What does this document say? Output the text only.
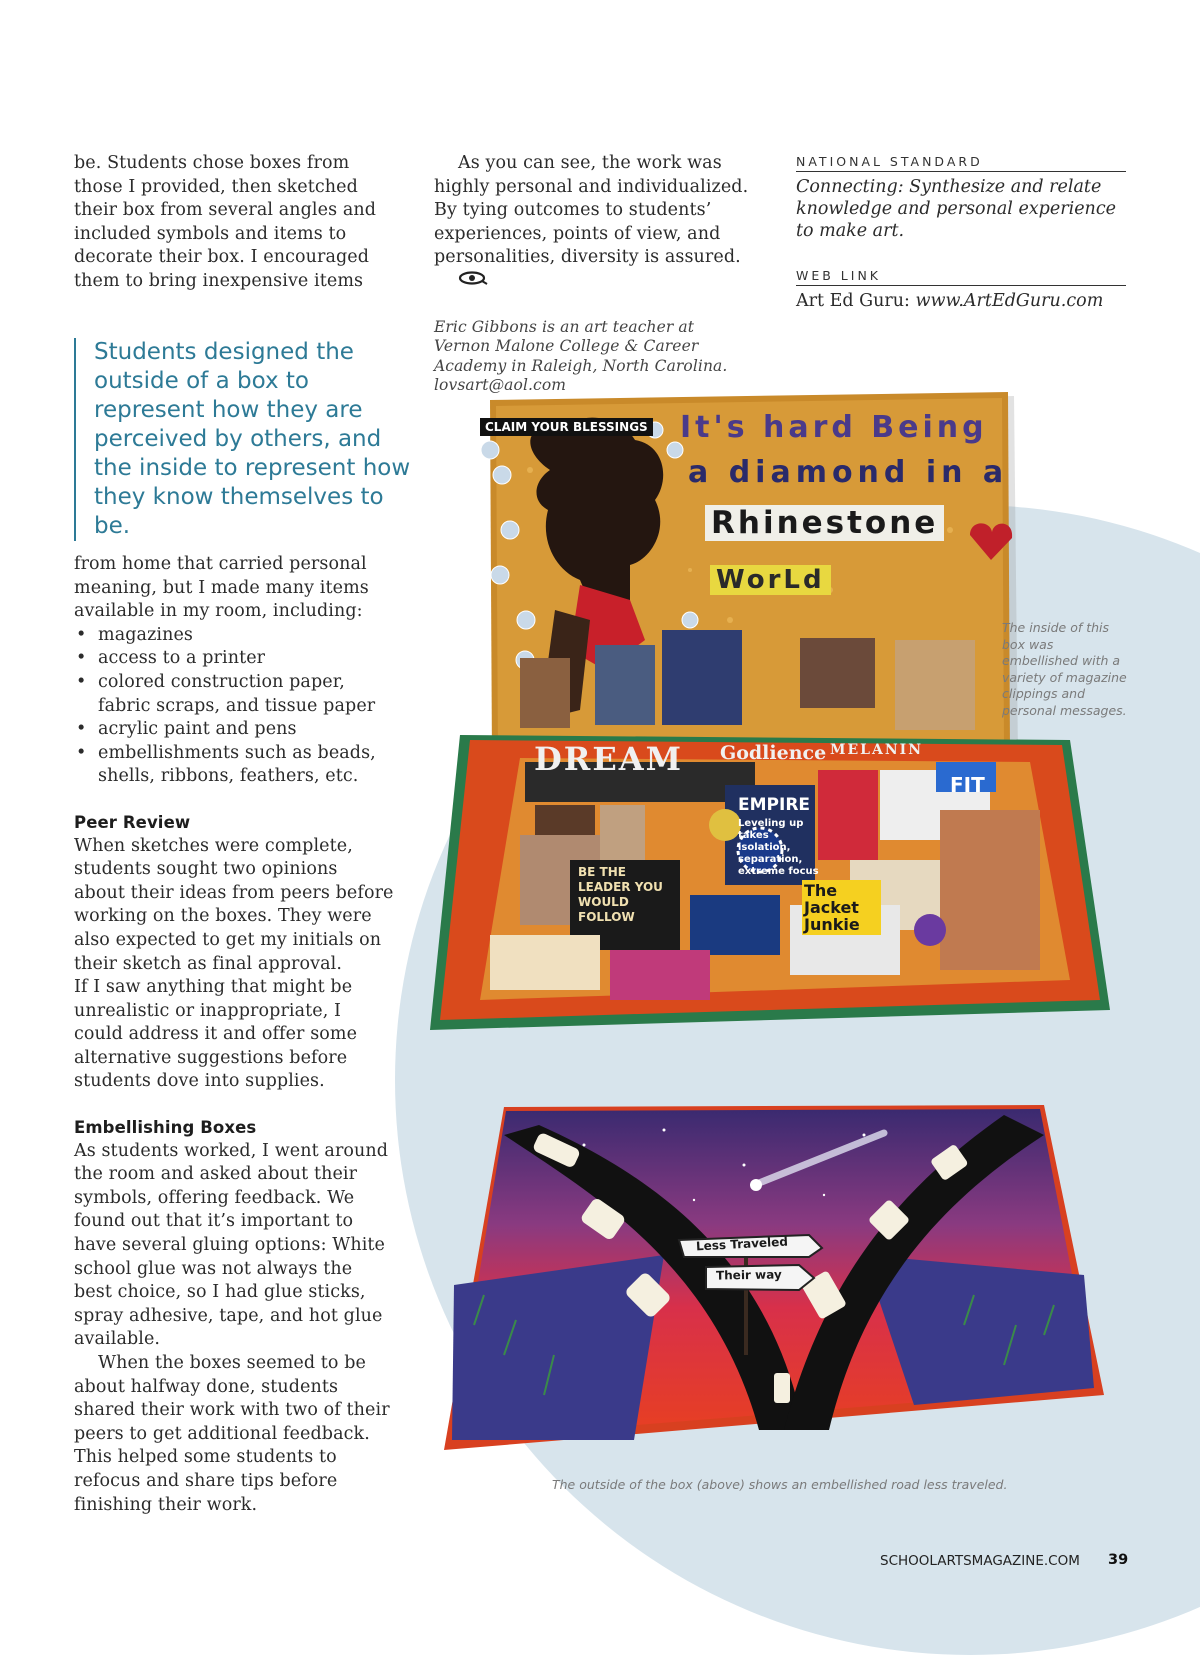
be. Students chose boxes from those I provided, then sketched their box from several angles and included symbols and items to decorate their box. I encouraged them to bring inexpensive items

Students designed the outside of a box to represent how they are perceived by others, and the inside to represent how they know themselves to be.

from home that carried personal meaning, but I made many items available in my room, including:

• magazines
• access to a printer
• colored construction paper, fabric scraps, and tissue paper
• acrylic paint and pens
• embellishments such as beads, shells, ribbons, feathers, etc.
Peer Review

When sketches were complete, students sought two opinions about their ideas from peers before working on the boxes. They were also expected to get my initials on their sketch as final approval.

If I saw anything that might be unrealistic or inappropriate, I could address it and offer some alternative suggestions before students dove into supplies.

Embellishing Boxes

As students worked, I went around the room and asked about their symbols, offering feedback. We found out that it’s important to have several gluing options: White school glue was not always the best choice, so I had glue sticks, spray adhesive, tape, and hot glue available.

When the boxes seemed to be about halfway done, students shared their work with two of their peers to get additional feedback. This helped some students to refocus and share tips before finishing their work.

As you can see, the work was highly personal and individualized. By tying outcomes to students’ experiences, points of view, and personalities, diversity is assured.

Eric Gibbons is an art teacher at Vernon Malone College & Career Academy in Raleigh, North Carolina. lovsart@aol.com

NATIONAL STANDARD

Connecting: Synthesize and relate knowledge and personal experience to make art.

WEB LINK

Art Ed Guru: www.ArtEdGuru.com

CLAIM YOUR BLESSINGS It's hard Being
a diamond in a
Rhinestone
WorLd
DREAM Godlience MELANIN
FIT
EMPIRE
Leveling up takes isolation, separation, extreme focus
BE THE LEADER YOU WOULD FOLLOW
The Jacket Junkie
The inside of this box was embellished with a variety of magazine clippings and personal messages.
Less Traveled
Their way
The outside of the box (above) shows an embellished road less traveled.
SCHOOLARTSMAGAZINE.COM 39
